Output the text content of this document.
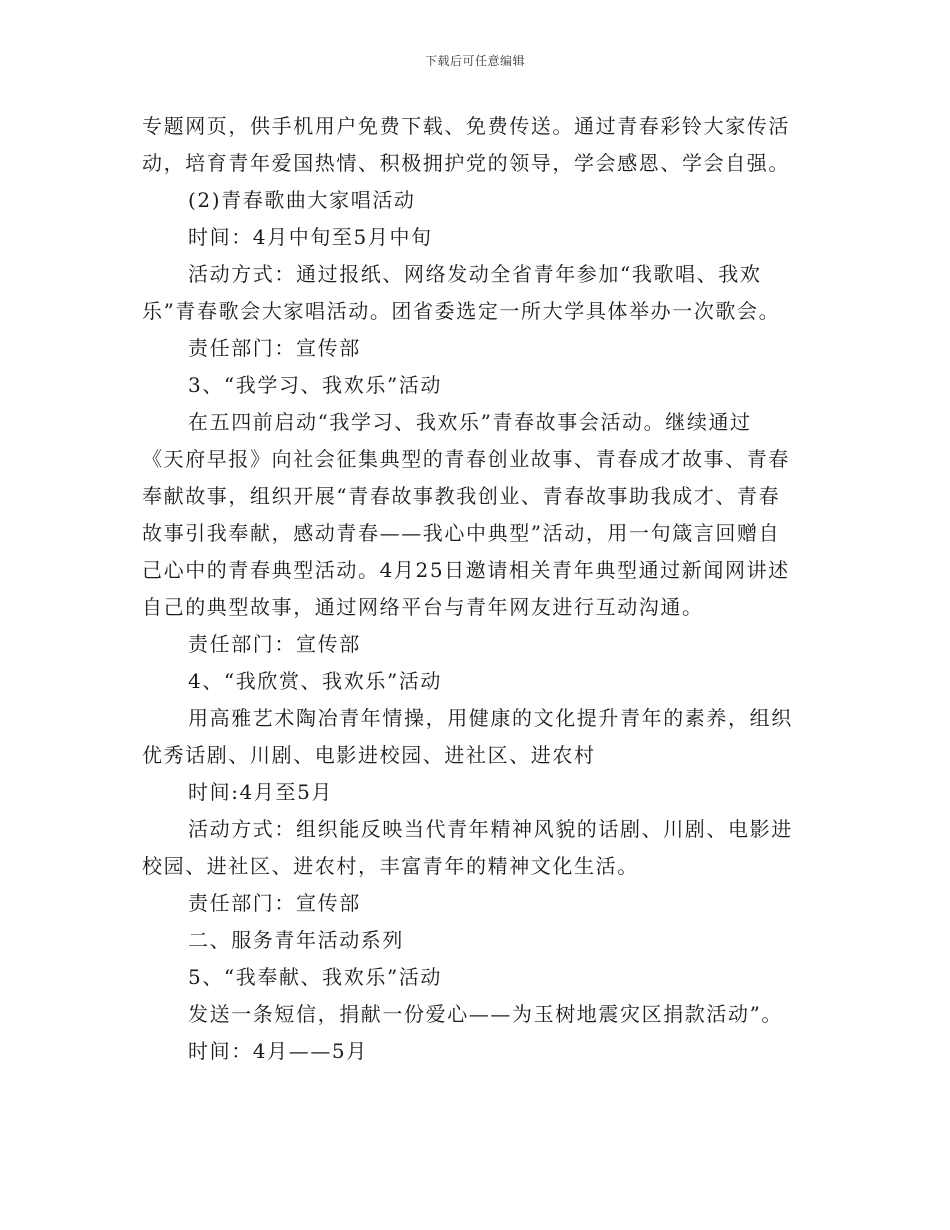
下载后可任意编辑
专题网页，供手机用户免费下载、免费传送。通过青春彩铃大家传活
动，培育青年爱国热情、积极拥护党的领导，学会感恩、学会自强。
(2)青春歌曲大家唱活动
时间：4月中旬至5月中旬
活动方式：通过报纸、网络发动全省青年参加“我歌唱、我欢
乐”青春歌会大家唱活动。团省委选定一所大学具体举办一次歌会。
责任部门：宣传部
3、“我学习、我欢乐”活动
在五四前启动“我学习、我欢乐”青春故事会活动。继续通过
《天府早报》向社会征集典型的青春创业故事、青春成才故事、青春
奉献故事，组织开展“青春故事教我创业、青春故事助我成才、青春
故事引我奉献，感动青春——我心中典型”活动，用一句箴言回赠自
己心中的青春典型活动。4月25日邀请相关青年典型通过新闻网讲述
自己的典型故事，通过网络平台与青年网友进行互动沟通。
责任部门：宣传部
4、“我欣赏、我欢乐”活动
用高雅艺术陶冶青年情操，用健康的文化提升青年的素养，组织
优秀话剧、川剧、电影进校园、进社区、进农村
时间:4月至5月
活动方式：组织能反映当代青年精神风貌的话剧、川剧、电影进
校园、进社区、进农村，丰富青年的精神文化生活。
责任部门：宣传部
二、服务青年活动系列
5、“我奉献、我欢乐”活动
发送一条短信，捐献一份爱心——为玉树地震灾区捐款活动”。
时间：4月——5月
